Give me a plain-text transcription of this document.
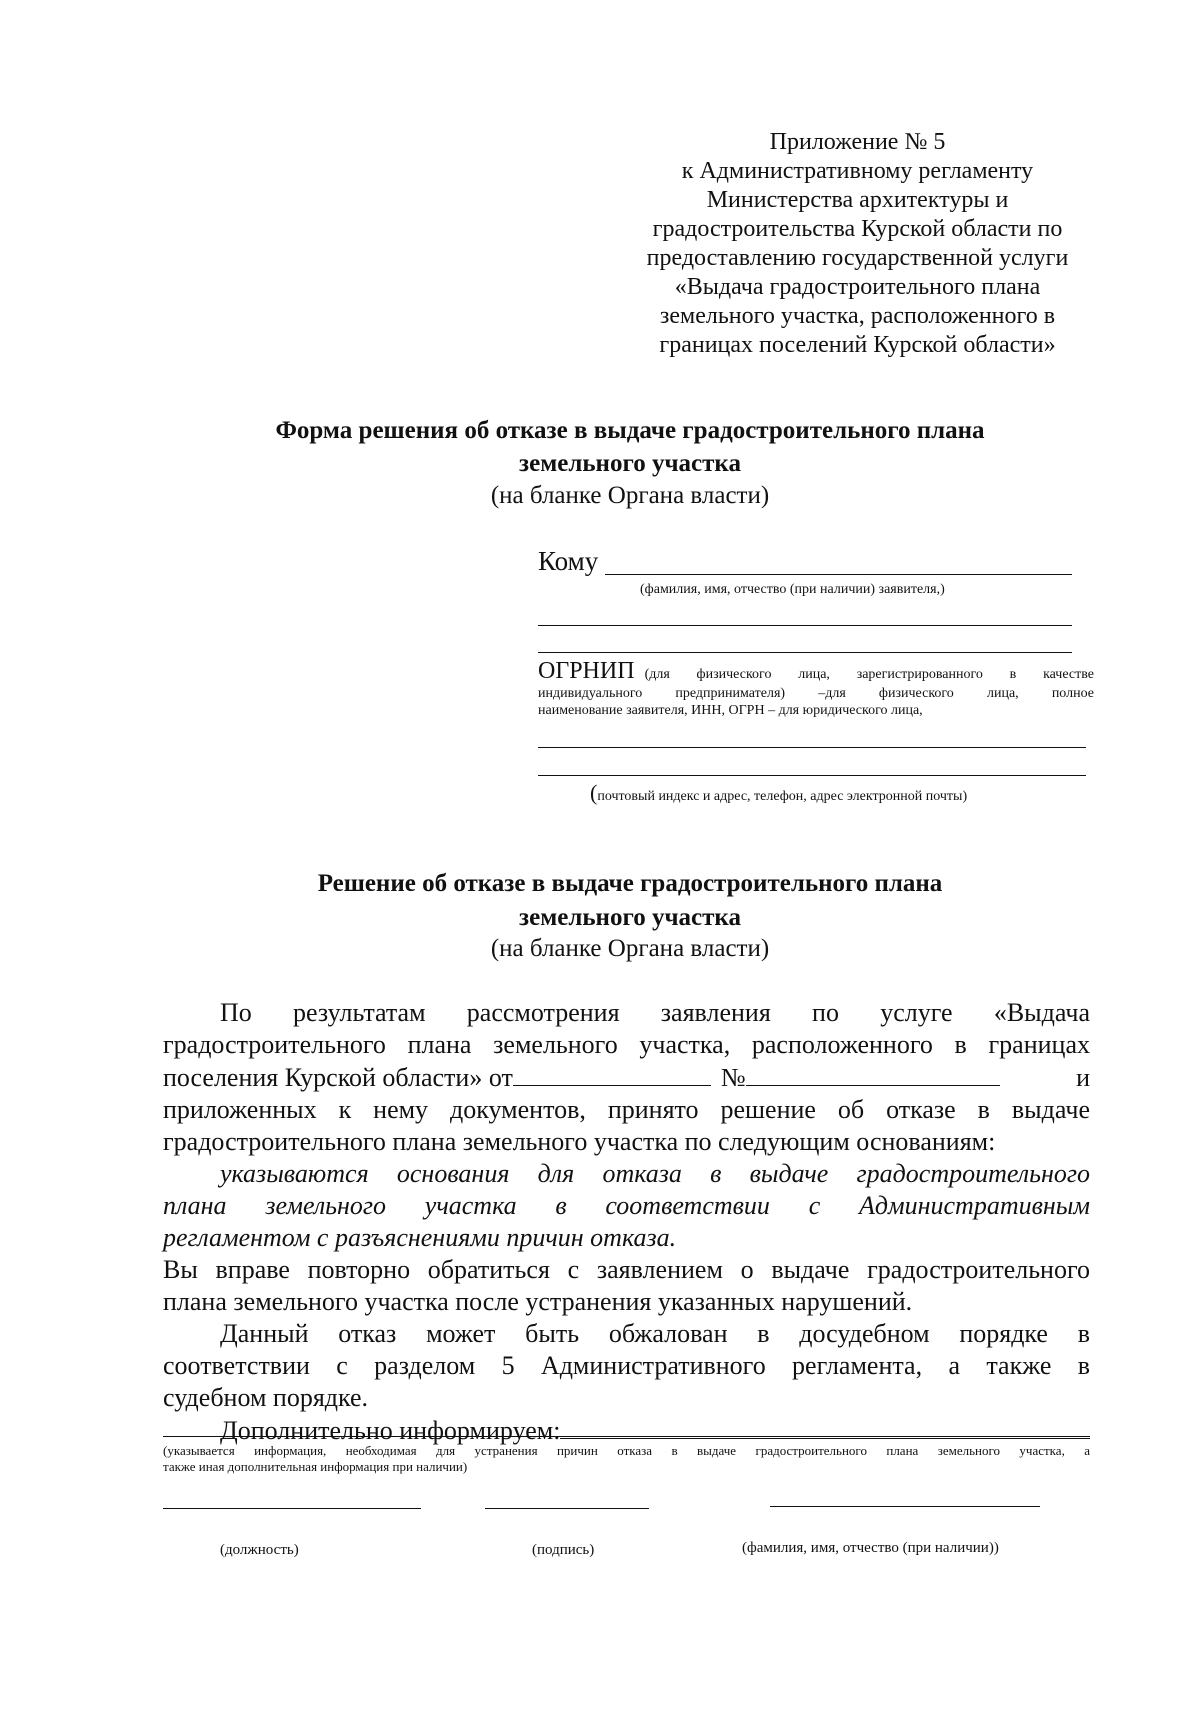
Приложение № 5
к Административному регламенту
Министерства архитектуры и
градостроительства Курской области по
предоставлению государственной услуги
«Выдача градостроительного плана
земельного участка, расположенного в
границах поселений Курской области»
Форма решения об отказе в выдаче градостроительного плана
земельного участка
(на бланке Органа власти)
Кому
(фамилия, имя, отчество (при наличии) заявителя,)
ОГРНИП (для физического лица, зарегистрированного в качестве
индивидуального предпринимателя) –для физического лица, полное
наименование заявителя, ИНН, ОГРН – для юридического лица,
(почтовый индекс и адрес, телефон, адрес электронной почты)
Решение об отказе в выдаче градостроительного плана
земельного участка
(на бланке Органа власти)
По результатам рассмотрения заявления по услуге «Выдача
градостроительного плана земельного участка, расположенного в границах
поселения Курской области» от	№	и
приложенных к нему документов, принято решение об отказе в выдаче
градостроительного плана земельного участка по следующим основаниям:
указываются основания для отказа в выдаче градостроительного
плана земельного участка в соответствии с Административным
регламентом с разъяснениями причин отказа.
Вы вправе повторно обратиться с заявлением о выдаче градостроительного
плана земельного участка после устранения указанных нарушений.
Данный отказ может быть обжалован в досудебном порядке в
соответствии с разделом 5 Административного регламента, а также в
судебном порядке.
Дополнительно информируем:
(указывается информация, необходимая для устранения причин отказа в выдаче градостроительного плана земельного участка, а
также иная дополнительная информация при наличии)
(должность)	(подпись)	(фамилия, имя, отчество (при наличии))
